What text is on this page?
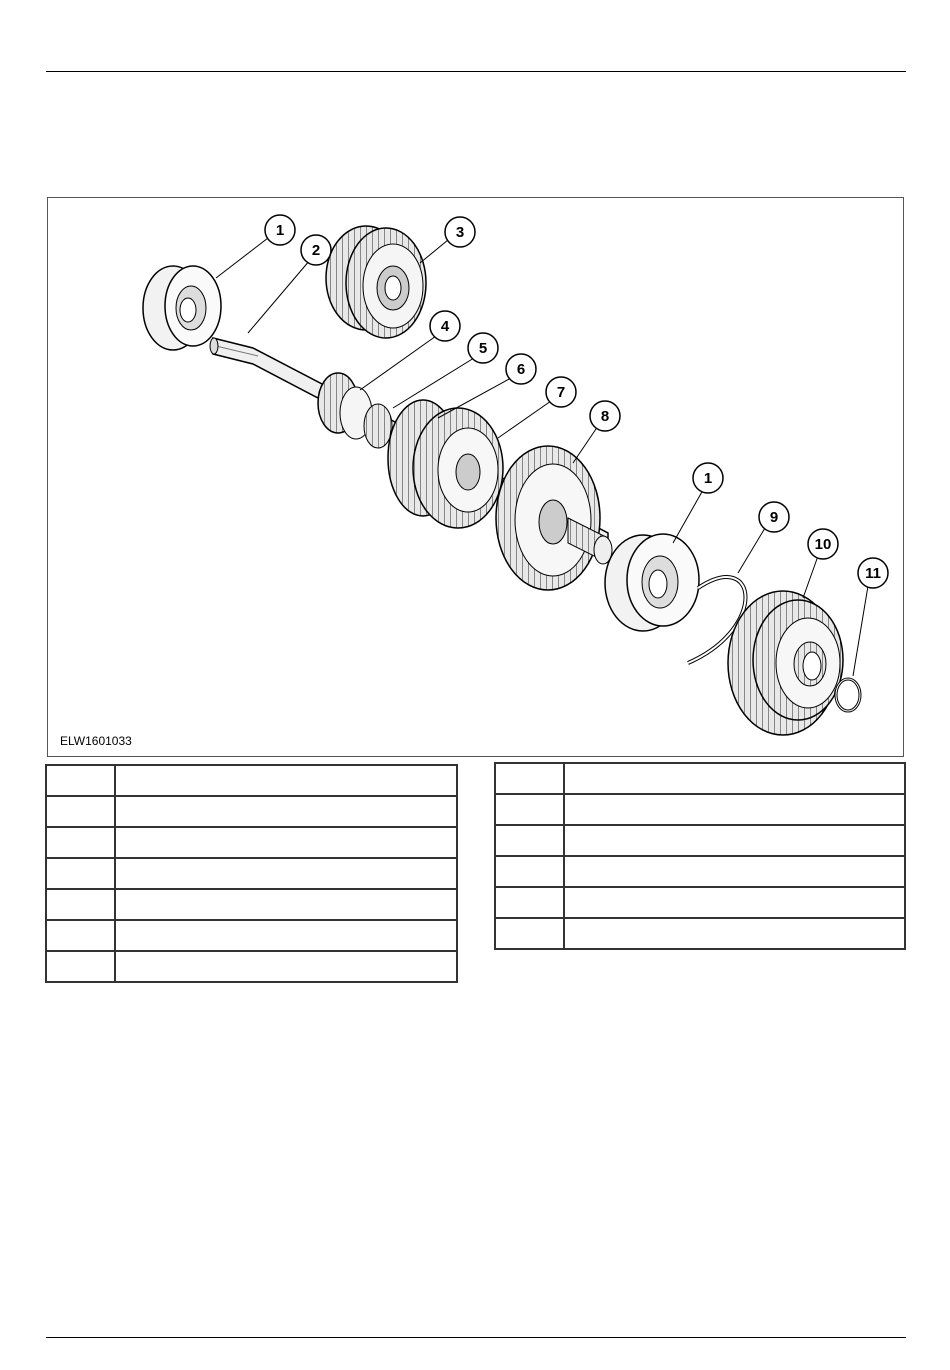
1
2
3
4
5
6
7
8
1
9
10
11
ELW1601033
